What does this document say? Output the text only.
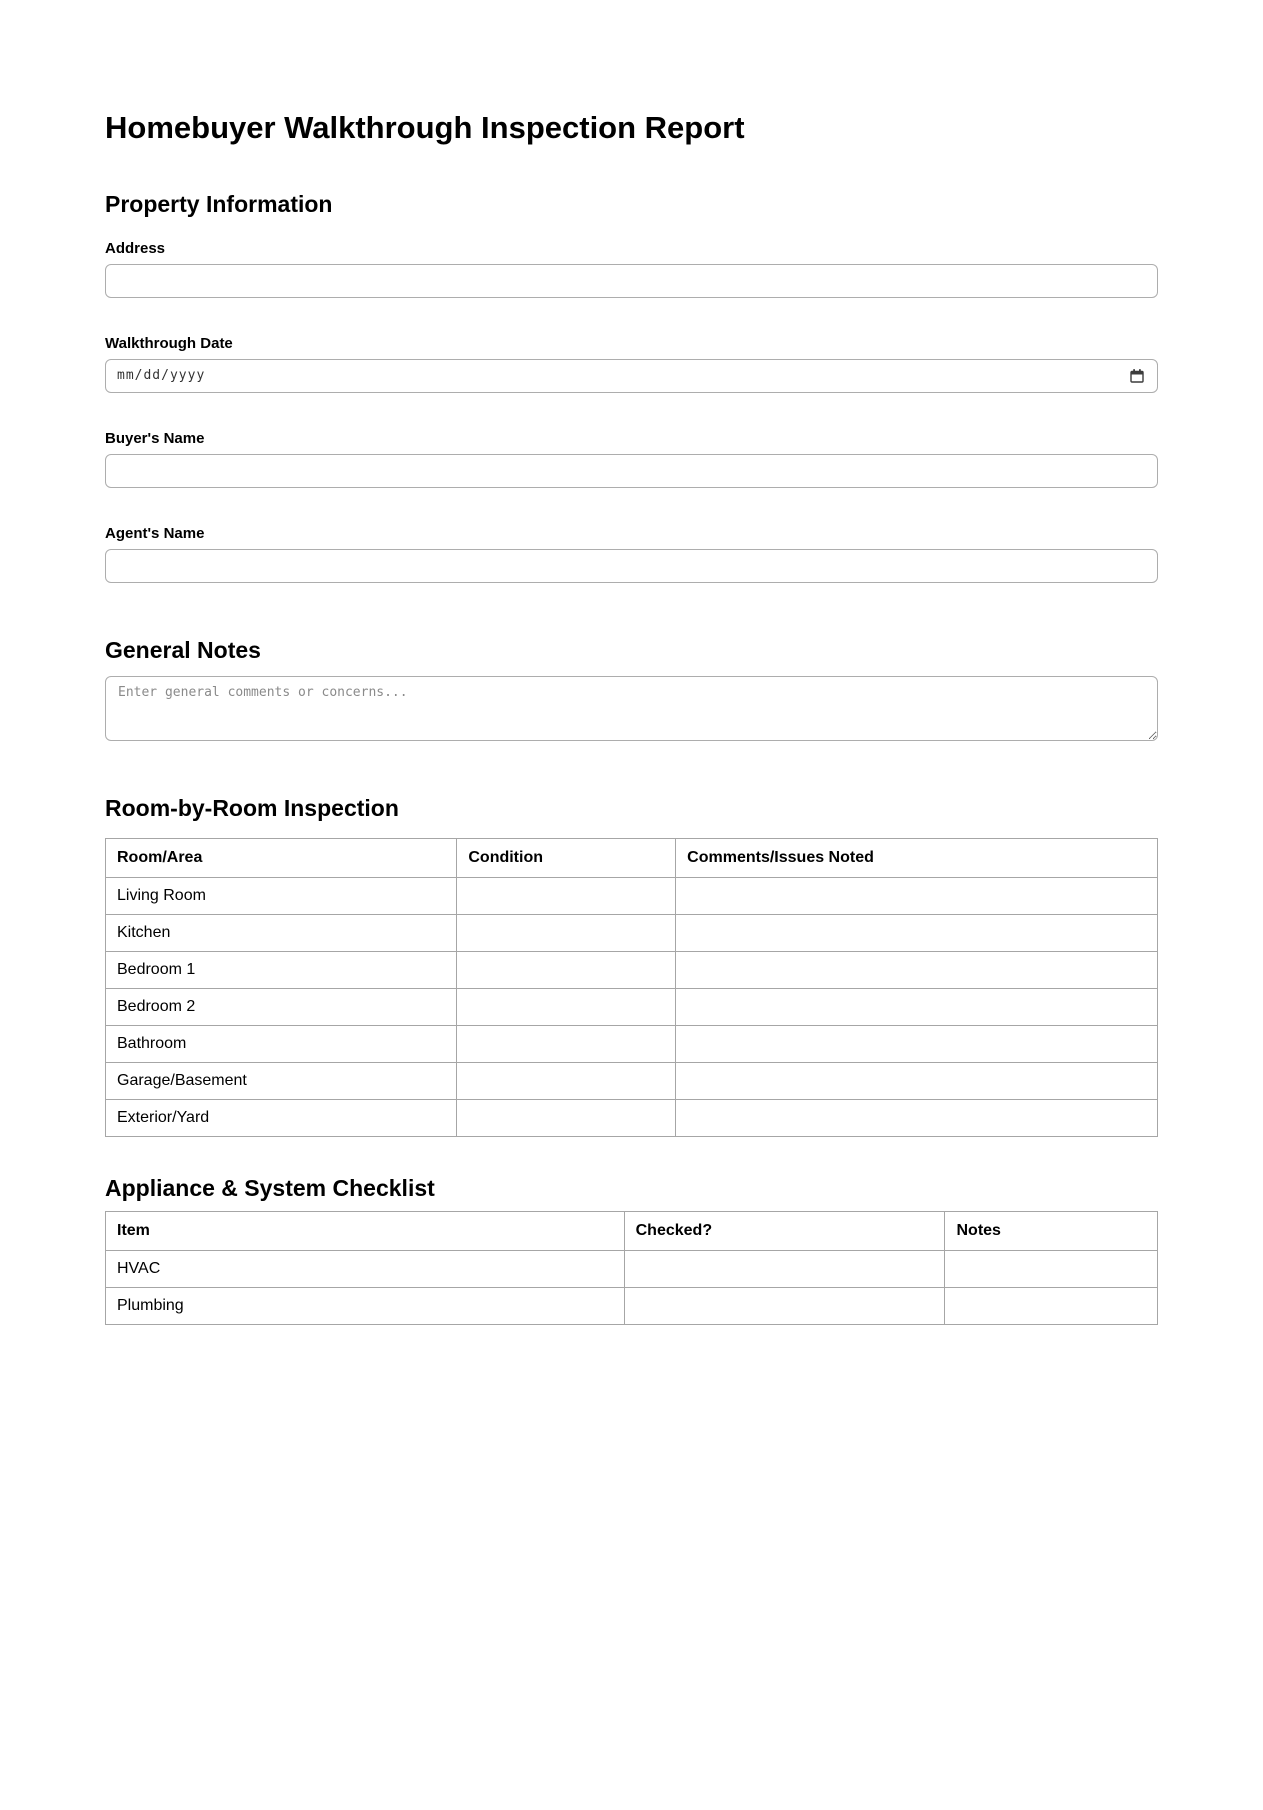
Homebuyer Walkthrough Inspection Report
Property Information
Address
Walkthrough Date
mm/dd/yyyy
Buyer's Name
Agent's Name
General Notes
Enter general comments or concerns...
Room-by-Room Inspection
Room/Area	Condition	Comments/Issues Noted
Living Room		
Kitchen		
Bedroom 1		
Bedroom 2		
Bathroom		
Garage/Basement		
Exterior/Yard		
Appliance & System Checklist
Item	Checked?	Notes
HVAC		
Plumbing		
